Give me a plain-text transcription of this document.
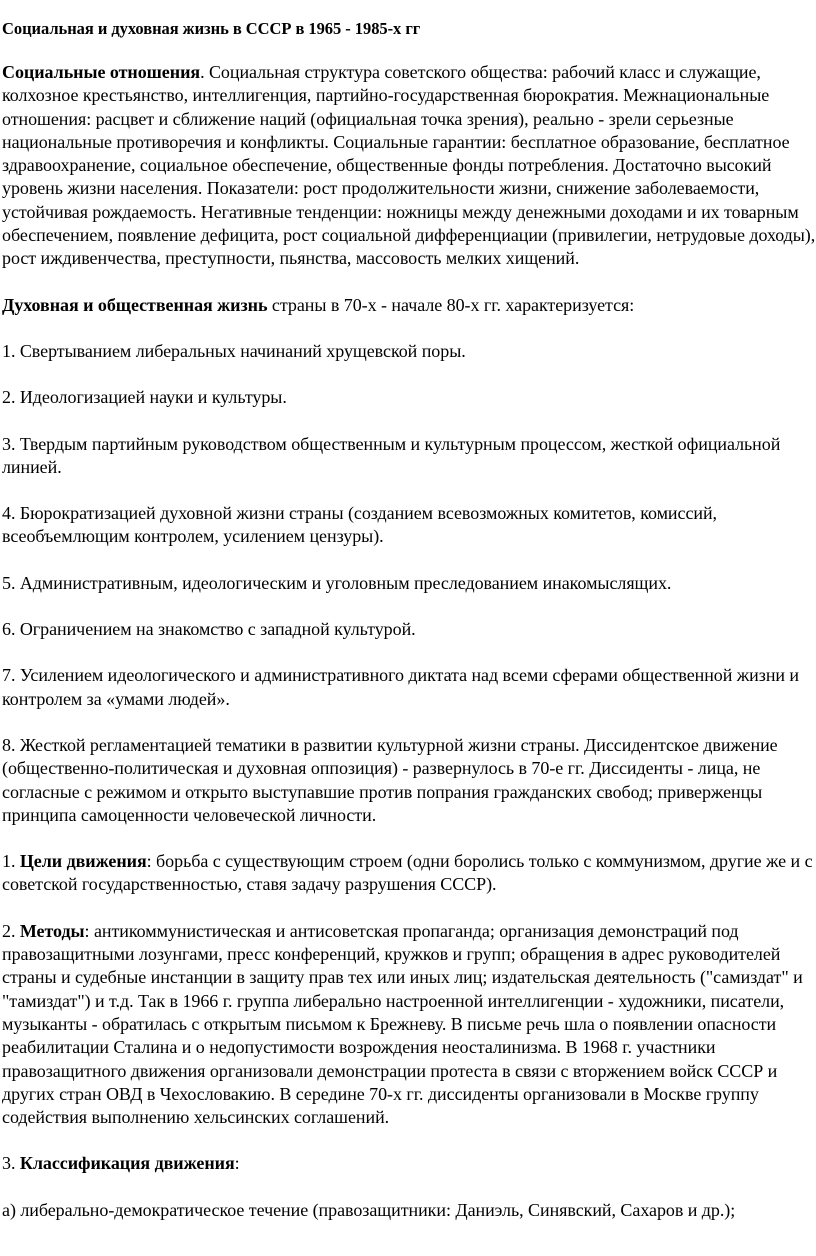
Социальная и духовная жизнь в СССР в 1965 - 1985-х гг

Социальные отношения. Социальная структура советского общества: рабочий класс и служащие, колхозное крестьянство, интеллигенция, партийно-государственная бюрократия. Межнациональные отношения: расцвет и сближение наций (официальная точка зрения), реально - зрели серьезные национальные противоречия и конфликты. Социальные гарантии: бесплатное образование, бесплатное здравоохранение, социальное обеспечение, общественные фонды потребления. Достаточно высокий уровень жизни населения. Показатели: рост продолжительности жизни, снижение заболеваемости, устойчивая рождаемость. Негативные тенденции: ножницы между денежными доходами и их товарным обеспечением, появление дефицита, рост социальной дифференциации (привилегии, нетрудовые доходы), рост иждивенчества, преступности, пьянства, массовость мелких хищений.

Духовная и общественная жизнь страны в 70-х - начале 80-х гг. характеризуется:

1. Свертыванием либеральных начинаний хрущевской поры.

2. Идеологизацией науки и культуры.

3. Твердым партийным руководством общественным и культурным процессом, жесткой официальной линией.

4. Бюрократизацией духовной жизни страны (созданием всевозможных комитетов, комиссий, всеобъемлющим контролем, усилением цензуры).

5. Административным, идеологическим и уголовным преследованием инакомыслящих.

6. Ограничением на знакомство с западной культурой.

7. Усилением идеологического и административного диктата над всеми сферами общественной жизни и контролем за «умами людей».

8. Жесткой регламентацией тематики в развитии культурной жизни страны. Диссидентское движение (общественно-политическая и духовная оппозиция) - развернулось в 70-е гг. Диссиденты - лица, не согласные с режимом и открыто выступавшие против попрания гражданских свобод; приверженцы принципа самоценности человеческой личности.

1. Цели движения: борьба с существующим строем (одни боролись только с коммунизмом, другие же и с советской государственностью, ставя задачу разрушения СССР).

2. Методы: антикоммунистическая и антисоветская пропаганда; организация демонстраций под правозащитными лозунгами, пресс конференций, кружков и групп; обращения в адрес руководителей страны и судебные инстанции в защиту прав тех или иных лиц; издательская деятельность ("самиздат" и "тамиздат") и т.д. Так в 1966 г. группа либерально настроенной интеллигенции - художники, писатели, музыканты - обратилась с открытым письмом к Брежневу. В письме речь шла о появлении опасности реабилитации Сталина и о недопустимости возрождения неосталинизма. В 1968 г. участники правозащитного движения организовали демонстрации протеста в связи с вторжением войск СССР и других стран ОВД в Чехословакию. В середине 70-х гг. диссиденты организовали в Москве группу содействия выполнению хельсинских соглашений.

3. Классификация движения:

а) либерально-демократическое течение (правозащитники: Даниэль, Синявский, Сахаров и др.);
